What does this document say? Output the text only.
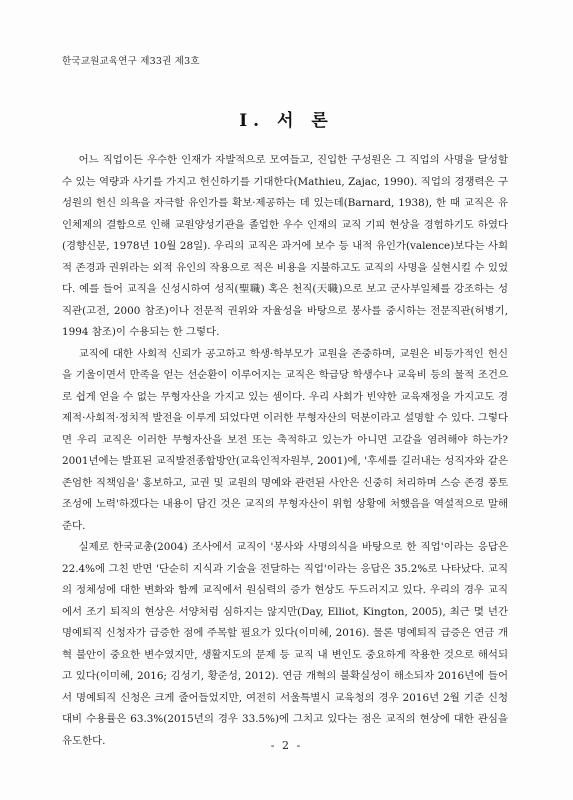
한국교원교육연구 제33권 제3호
Ⅰ. 서 론

어느 직업이든 우수한 인재가 자발적으로 모여들고, 진입한 구성원은 그 직업의 사명을 달성할 수 있는 역량과 사기를 가지고 헌신하기를 기대한다(Mathieu, Zajac, 1990). 직업의 경쟁력은 구성원의 헌신 의욕을 자극할 유인가를 확보·제공하는 데 있는데(Barnard, 1938), 한 때 교직은 유인체제의 결함으로 인해 교원양성기관을 졸업한 우수 인재의 교직 기피 현상을 경험하기도 하였다(경향신문, 1978년 10월 28일). 우리의 교직은 과거에 보수 등 내적 유인가(valence)보다는 사회적 존경과 권위라는 외적 유인의 작용으로 적은 비용을 지불하고도 교직의 사명을 실현시킬 수 있었다. 예를 들어 교직을 신성시하여 성직(聖職) 혹은 천직(天職)으로 보고 군사부일체를 강조하는 성직관(고전, 2000 참조)이나 전문적 권위와 자율성을 바탕으로 봉사를 중시하는 전문직관(허병기, 1994 참조)이 수용되는 한 그렇다.

교직에 대한 사회적 신뢰가 공고하고 학생·학부모가 교원을 존중하며, 교원은 비등가적인 헌신을 기울이면서 만족을 얻는 선순환이 이루어지는 교직은 학급당 학생수나 교육비 등의 물적 조건으로 쉽게 얻을 수 없는 무형자산을 가지고 있는 셈이다. 우리 사회가 빈약한 교육재정을 가지고도 경제적·사회적·정치적 발전을 이루게 되었다면 이러한 무형자산의 덕분이라고 설명할 수 있다. 그렇다면 우리 교직은 이러한 무형자산을 보전 또는 축적하고 있는가 아니면 고갈을 염려해야 하는가? 2001년에는 발표된 교직발전종합방안(교육인적자원부, 2001)에, '후세를 길러내는 성직자와 같은 존엄한 직책임을' 홍보하고, 교권 및 교원의 명예와 관련된 사안은 신중히 처리하며 스승 존경 풍토 조성에 노력'하겠다는 내용이 담긴 것은 교직의 무형자산이 위험 상황에 처했음을 역설적으로 말해준다.

실제로 한국교총(2004) 조사에서 교직이 '봉사와 사명의식을 바탕으로 한 직업'이라는 응답은 22.4%에 그친 반면 '단순히 지식과 기술을 전달하는 직업'이라는 응답은 35.2%로 나타났다. 교직의 정체성에 대한 변화와 함께 교직에서 원심력의 증가 현상도 두드러지고 있다. 우리의 경우 교직에서 조기 퇴직의 현상은 서양처럼 심하지는 않지만(Day, Elliot, Kington, 2005), 최근 몇 년간 명예퇴직 신청자가 급증한 점에 주목할 필요가 있다(이미혜, 2016). 물론 명예퇴직 급증은 연금 개혁 불안이 중요한 변수였지만, 생활지도의 문제 등 교직 내 변인도 중요하게 작용한 것으로 해석되고 있다(이미혜, 2016; 김성기, 황준성, 2012). 연금 개혁의 불확실성이 해소되자 2016년에 들어서 명예퇴직 신청은 크게 줄어들었지만, 여전히 서울특별시 교육청의 경우 2016년 2월 기준 신청 대비 수용률은 63.3%(2015년의 경우 33.5%)에 그치고 있다는 점은 교직의 현상에 대한 관심을 유도한다.	- 2 -
